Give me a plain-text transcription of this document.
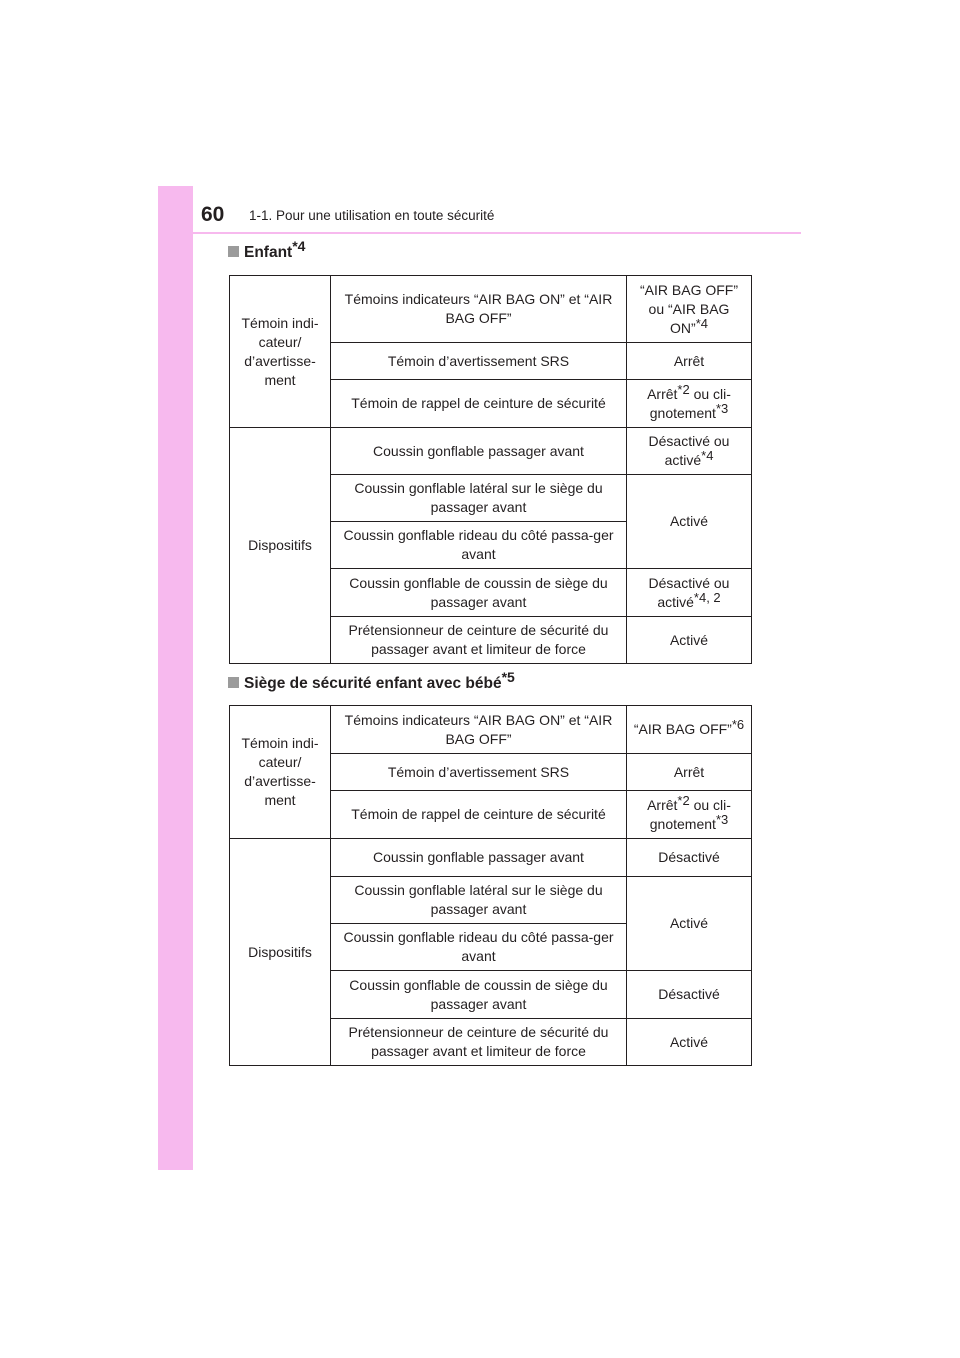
60 1-1. Pour une utilisation en toute sécurité
Enfant *4
Témoin indi-cateur/ d’avertisse-ment	Témoins indicateurs “AIR BAG ON” et “AIR BAG OFF”	“AIR BAG OFF” ou “AIR BAG ON”*4
	Témoin d’avertissement SRS	Arrêt
	Témoin de rappel de ceinture de sécurité	Arrêt*2 ou cli-gnotement*3
Dispositifs	Coussin gonflable passager avant	Désactivé ou activé*4
	Coussin gonflable latéral sur le siège du passager avant	Activé
	Coussin gonflable rideau du côté passa-ger avant	
	Coussin gonflable de coussin de siège du passager avant	Désactivé ou activé*4, 2
	Prétensionneur de ceinture de sécurité du passager avant et limiteur de force	Activé
Siège de sécurité enfant avec bébé *5
Témoin indi-cateur/ d’avertisse-ment	Témoins indicateurs “AIR BAG ON” et “AIR BAG OFF”	“AIR BAG OFF”*6
	Témoin d’avertissement SRS	Arrêt
	Témoin de rappel de ceinture de sécurité	Arrêt*2 ou cli-gnotement*3
Dispositifs	Coussin gonflable passager avant	Désactivé
	Coussin gonflable latéral sur le siège du passager avant	Activé
	Coussin gonflable rideau du côté passa-ger avant	
	Coussin gonflable de coussin de siège du passager avant	Désactivé
	Prétensionneur de ceinture de sécurité du passager avant et limiteur de force	Activé
